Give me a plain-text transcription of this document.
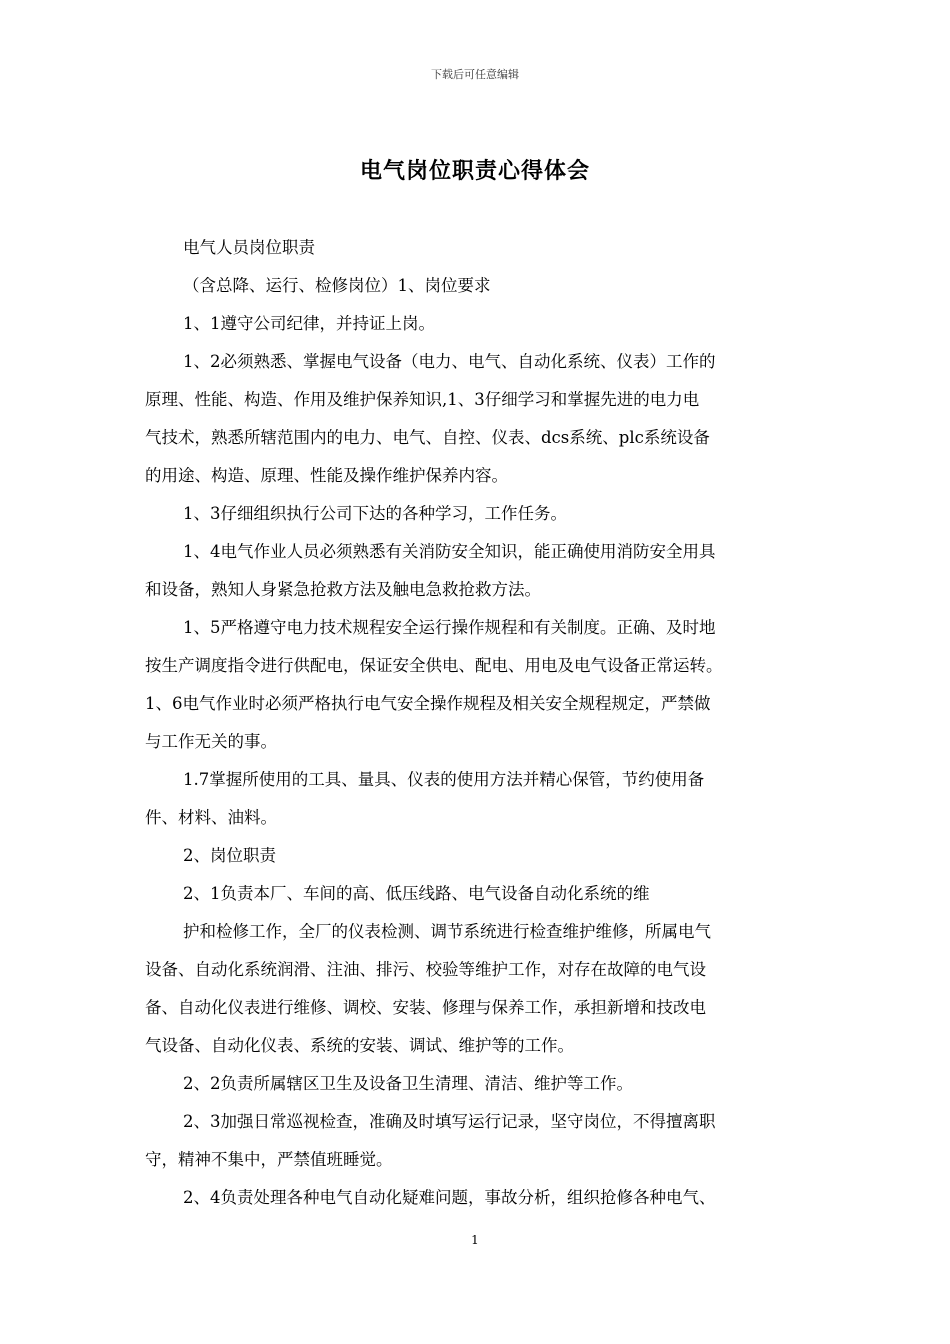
下载后可任意编辑
电气岗位职责心得体会

电气人员岗位职责

（含总降、运行、检修岗位）1、岗位要求

1、1遵守公司纪律，并持证上岗。

1、2必须熟悉、掌握电气设备（电力、电气、自动化系统、仪表）工作的

原理、性能、构造、作用及维护保养知识,1、3仔细学习和掌握先进的电力电

气技术，熟悉所辖范围内的电力、电气、自控、仪表、dcs系统、plc系统设备

的用途、构造、原理、性能及操作维护保养内容。

1、3仔细组织执行公司下达的各种学习，工作任务。

1、4电气作业人员必须熟悉有关消防安全知识，能正确使用消防安全用具

和设备，熟知人身紧急抢救方法及触电急救抢救方法。

1、5严格遵守电力技术规程安全运行操作规程和有关制度。正确、及时地

按生产调度指令进行供配电，保证安全供电、配电、用电及电气设备正常运转。

1、6电气作业时必须严格执行电气安全操作规程及相关安全规程规定，严禁做

与工作无关的事。

1.7掌握所使用的工具、量具、仪表的使用方法并精心保管，节约使用备

件、材料、油料。

2、岗位职责

2、1负责本厂、车间的高、低压线路、电气设备自动化系统的维

护和检修工作，全厂的仪表检测、调节系统进行检查维护维修，所属电气

设备、自动化系统润滑、注油、排污、校验等维护工作，对存在故障的电气设

备、自动化仪表进行维修、调校、安装、修理与保养工作，承担新增和技改电

气设备、自动化仪表、系统的安装、调试、维护等的工作。

2、2负责所属辖区卫生及设备卫生清理、清洁、维护等工作。

2、3加强日常巡视检查，准确及时填写运行记录，坚守岗位，不得擅离职

守，精神不集中，严禁值班睡觉。

2、4负责处理各种电气自动化疑难问题，事故分析，组织抢修各种电气、

1
